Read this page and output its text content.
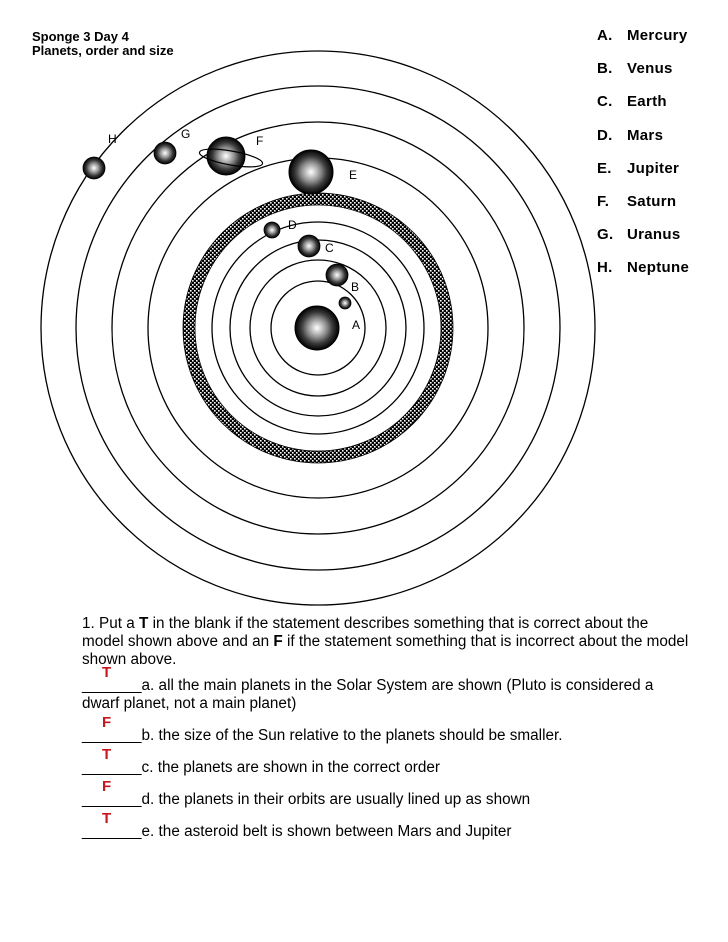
Sponge 3 Day 4
Planets, order and size
A
B
C
D
E
F
G
H
A. Mercury
B. Venus
C. Earth
D. Mars
E. Jupiter
F. Saturn
G. Uranus
H. Neptune

1. Put a T in the blank if the statement describes something that is correct about the model shown above and an F if the statement something that is incorrect about the model shown above.

T
_______a. all the main planets in the Solar System are shown (Pluto is considered a dwarf planet, not a main planet)

F
_______b. the size of the Sun relative to the planets should be smaller.

T
_______c. the planets are shown in the correct order

F
_______d. the planets in their orbits are usually lined up as shown

T
_______e. the asteroid belt is shown between Mars and Jupiter
